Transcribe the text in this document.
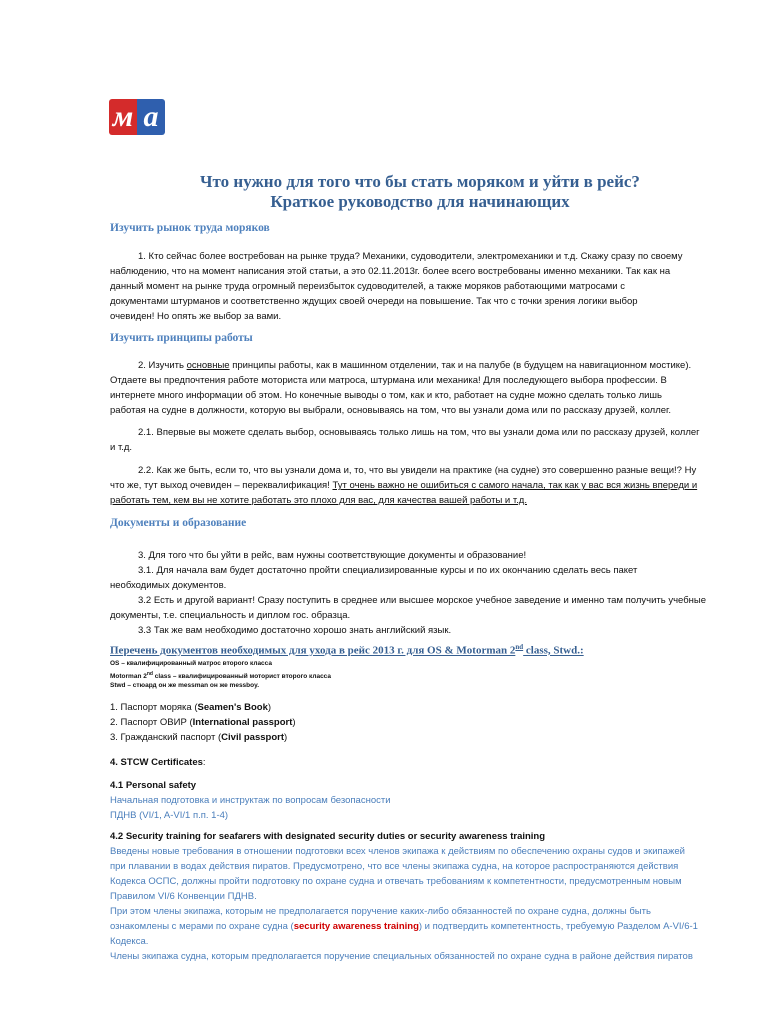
м а
Что нужно для того что бы стать моряком и уйти в рейс?
Краткое руководство для начинающих
Изучить рынок труда моряков
1. Кто сейчас более востребован на рынке труда? Механики, судоводители, электромеханики и т.д. Скажу сразу по своему
наблюдению, что на момент написания этой статьи, а это 02.11.2013г. более всего востребованы именно механики. Так как на
данный момент на рынке труда огромный переизбыток судоводителей, а также моряков работающими матросами с
документами штурманов и соответственно ждущих своей очереди на повышение. Так что с точки зрения логики выбор
очевиден! Но опять же выбор за вами.
Изучить принципы работы
2. Изучить основные принципы работы, как в машинном отделении, так и на палубе (в будущем на навигационном мостике).
Отдаете вы предпочтения работе моториста или матроса, штурмана или механика! Для последующего выбора профессии. В
интернете много информации об этом. Но конечные выводы о том, как и кто, работает на судне можно сделать только лишь
работая на судне в должности, которую вы выбрали, основываясь на том, что вы узнали дома или по рассказу друзей, коллег.
2.1. Впервые вы можете сделать выбор, основываясь только лишь на том, что вы узнали дома или по рассказу друзей, коллег
и т.д.
2.2. Как же быть, если то, что вы узнали дома и, то, что вы увидели на практике (на судне) это совершенно разные вещи!? Ну
что же, тут выход очевиден – переквалификация! Тут очень важно не ошибиться с самого начала, так как у вас вся жизнь впереди и
работать тем, кем вы не хотите работать это плохо для вас, для качества вашей работы и т.д.
Документы и образование
3. Для того что бы уйти в рейс, вам нужны соответствующие документы и образование!
3.1. Для начала вам будет достаточно пройти специализированные курсы и по их окончанию сделать весь пакет
необходимых документов.
3.2 Есть и другой вариант! Сразу поступить в среднее или высшее морское учебное заведение и именно там получить учебные
документы, т.е. специальность и диплом гос. образца.
3.3 Так же вам необходимо достаточно хорошо знать английский язык.
Перечень документов необходимых для ухода в рейс 2013 г. для OS & Motorman 2nd class, Stwd.:
OS – квалифицированный матрос второго класса
Motorman 2nd class – квалифицированный моторист второго класса
Stwd – стюард он же messman он же messboy.
1. Паспорт моряка (Seamen's Book)
2. Паспорт ОВИР (International passport)
3. Гражданский паспорт (Civil passport)
4. STCW Certificates:
4.1 Personal safety
Начальная подготовка и инструктаж по вопросам безопасности
ПДНВ (VI/1, A-VI/1 п.п. 1-4)
4.2 Security training for seafarers with designated security duties or security awareness training
Введены новые требования в отношении подготовки всех членов экипажа к действиям по обеспечению охраны судов и экипажей
при плавании в водах действия пиратов. Предусмотрено, что все члены экипажа судна, на которое распространяются действия
Кодекса ОСПС, должны пройти подготовку по охране судна и отвечать требованиям к компетентности, предусмотренным новым
Правилом VI/6 Конвенции ПДНВ.
При этом члены экипажа, которым не предполагается поручение каких-либо обязанностей по охране судна, должны быть
ознакомлены с мерами по охране судна (security awareness training) и подтвердить компетентность, требуемую Разделом A-VI/6-1
Кодекса.
Члены экипажа судна, которым предполагается поручение специальных обязанностей по охране судна в районе действия пиратов
